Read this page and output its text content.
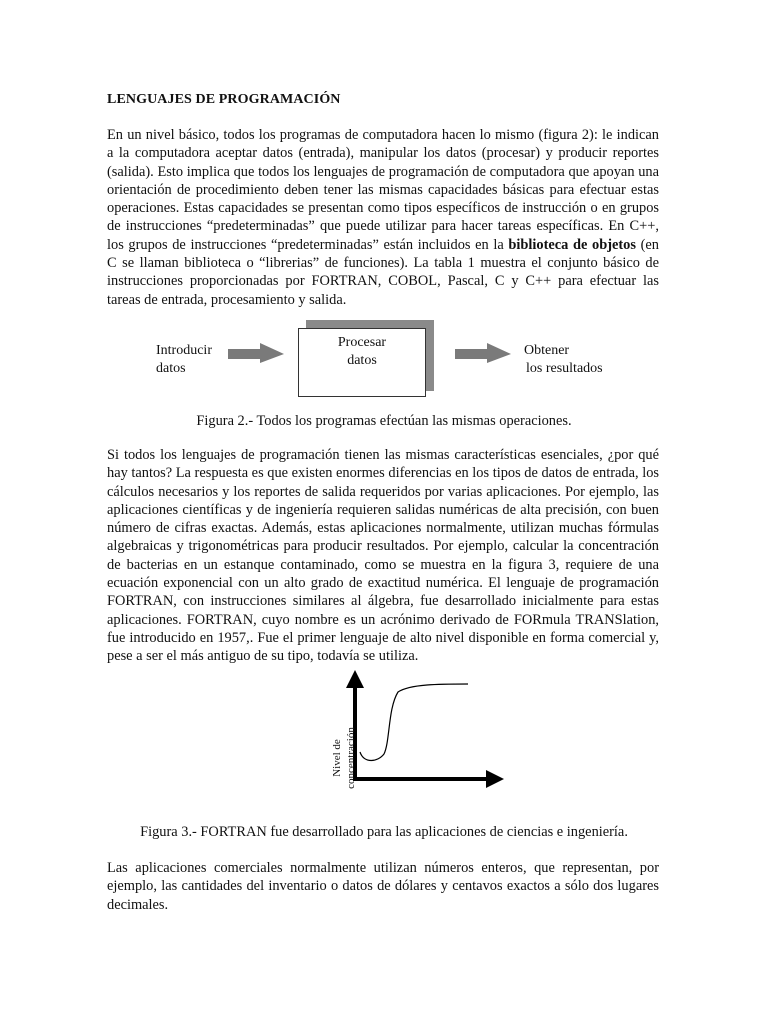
LENGUAJES DE PROGRAMACIÓN

En un nivel básico, todos los programas de computadora hacen lo mismo (figura 2): le indican a la computadora aceptar datos (entrada), manipular los datos (procesar) y producir reportes (salida). Esto implica que todos los lenguajes de programación de computadora que apoyan una orientación de procedimiento deben tener las mismas capacidades básicas para efectuar estas operaciones. Estas capacidades se presentan como tipos específicos de instrucción o en grupos de instrucciones “predeterminadas” que puede utilizar para hacer tareas específicas. En C++, los grupos de instrucciones “predeterminadas” están incluidos en la biblioteca de objetos (en C se llaman biblioteca o “librerias” de funciones). La tabla 1 muestra el conjunto básico de instrucciones proporcionadas por FORTRAN, COBOL, Pascal, C y C++ para efectuar las tareas de entrada, procesamiento y salida.

Introducir
datos
Procesar
datos
Obtener
los resultados
Figura 2.- Todos los programas efectúan las mismas operaciones.

Si todos los lenguajes de programación tienen las mismas características esenciales, ¿por qué hay tantos? La respuesta es que existen enormes diferencias en los tipos de datos de entrada, los cálculos necesarios y los reportes de salida requeridos por varias aplicaciones. Por ejemplo, las aplicaciones científicas y de ingeniería requieren salidas numéricas de alta precisión, con buen número de cifras exactas. Además, estas aplicaciones normalmente, utilizan muchas fórmulas algebraicas y trigonométricas para producir resultados. Por ejemplo, calcular la concentración de bacterias en un estanque contaminado, como se muestra en la figura 3, requiere de una ecuación exponencial con un alto grado de exactitud numérica. El lenguaje de programación FORTRAN, con instrucciones similares al álgebra, fue desarrollado inicialmente para estas aplicaciones. FORTRAN, cuyo nombre es un acrónimo derivado de FORmula TRANSlation, fue introducido en 1957,. Fue el primer lenguaje de alto nivel disponible en forma comercial y, pese a ser el más antiguo de su tipo, todavía se utiliza.

Nivel de concentración
Figura 3.- FORTRAN fue desarrollado para las aplicaciones de ciencias e ingeniería.

Las aplicaciones comerciales normalmente utilizan números enteros, que representan, por ejemplo, las cantidades del inventario o datos de dólares y centavos exactos a sólo dos lugares decimales.
